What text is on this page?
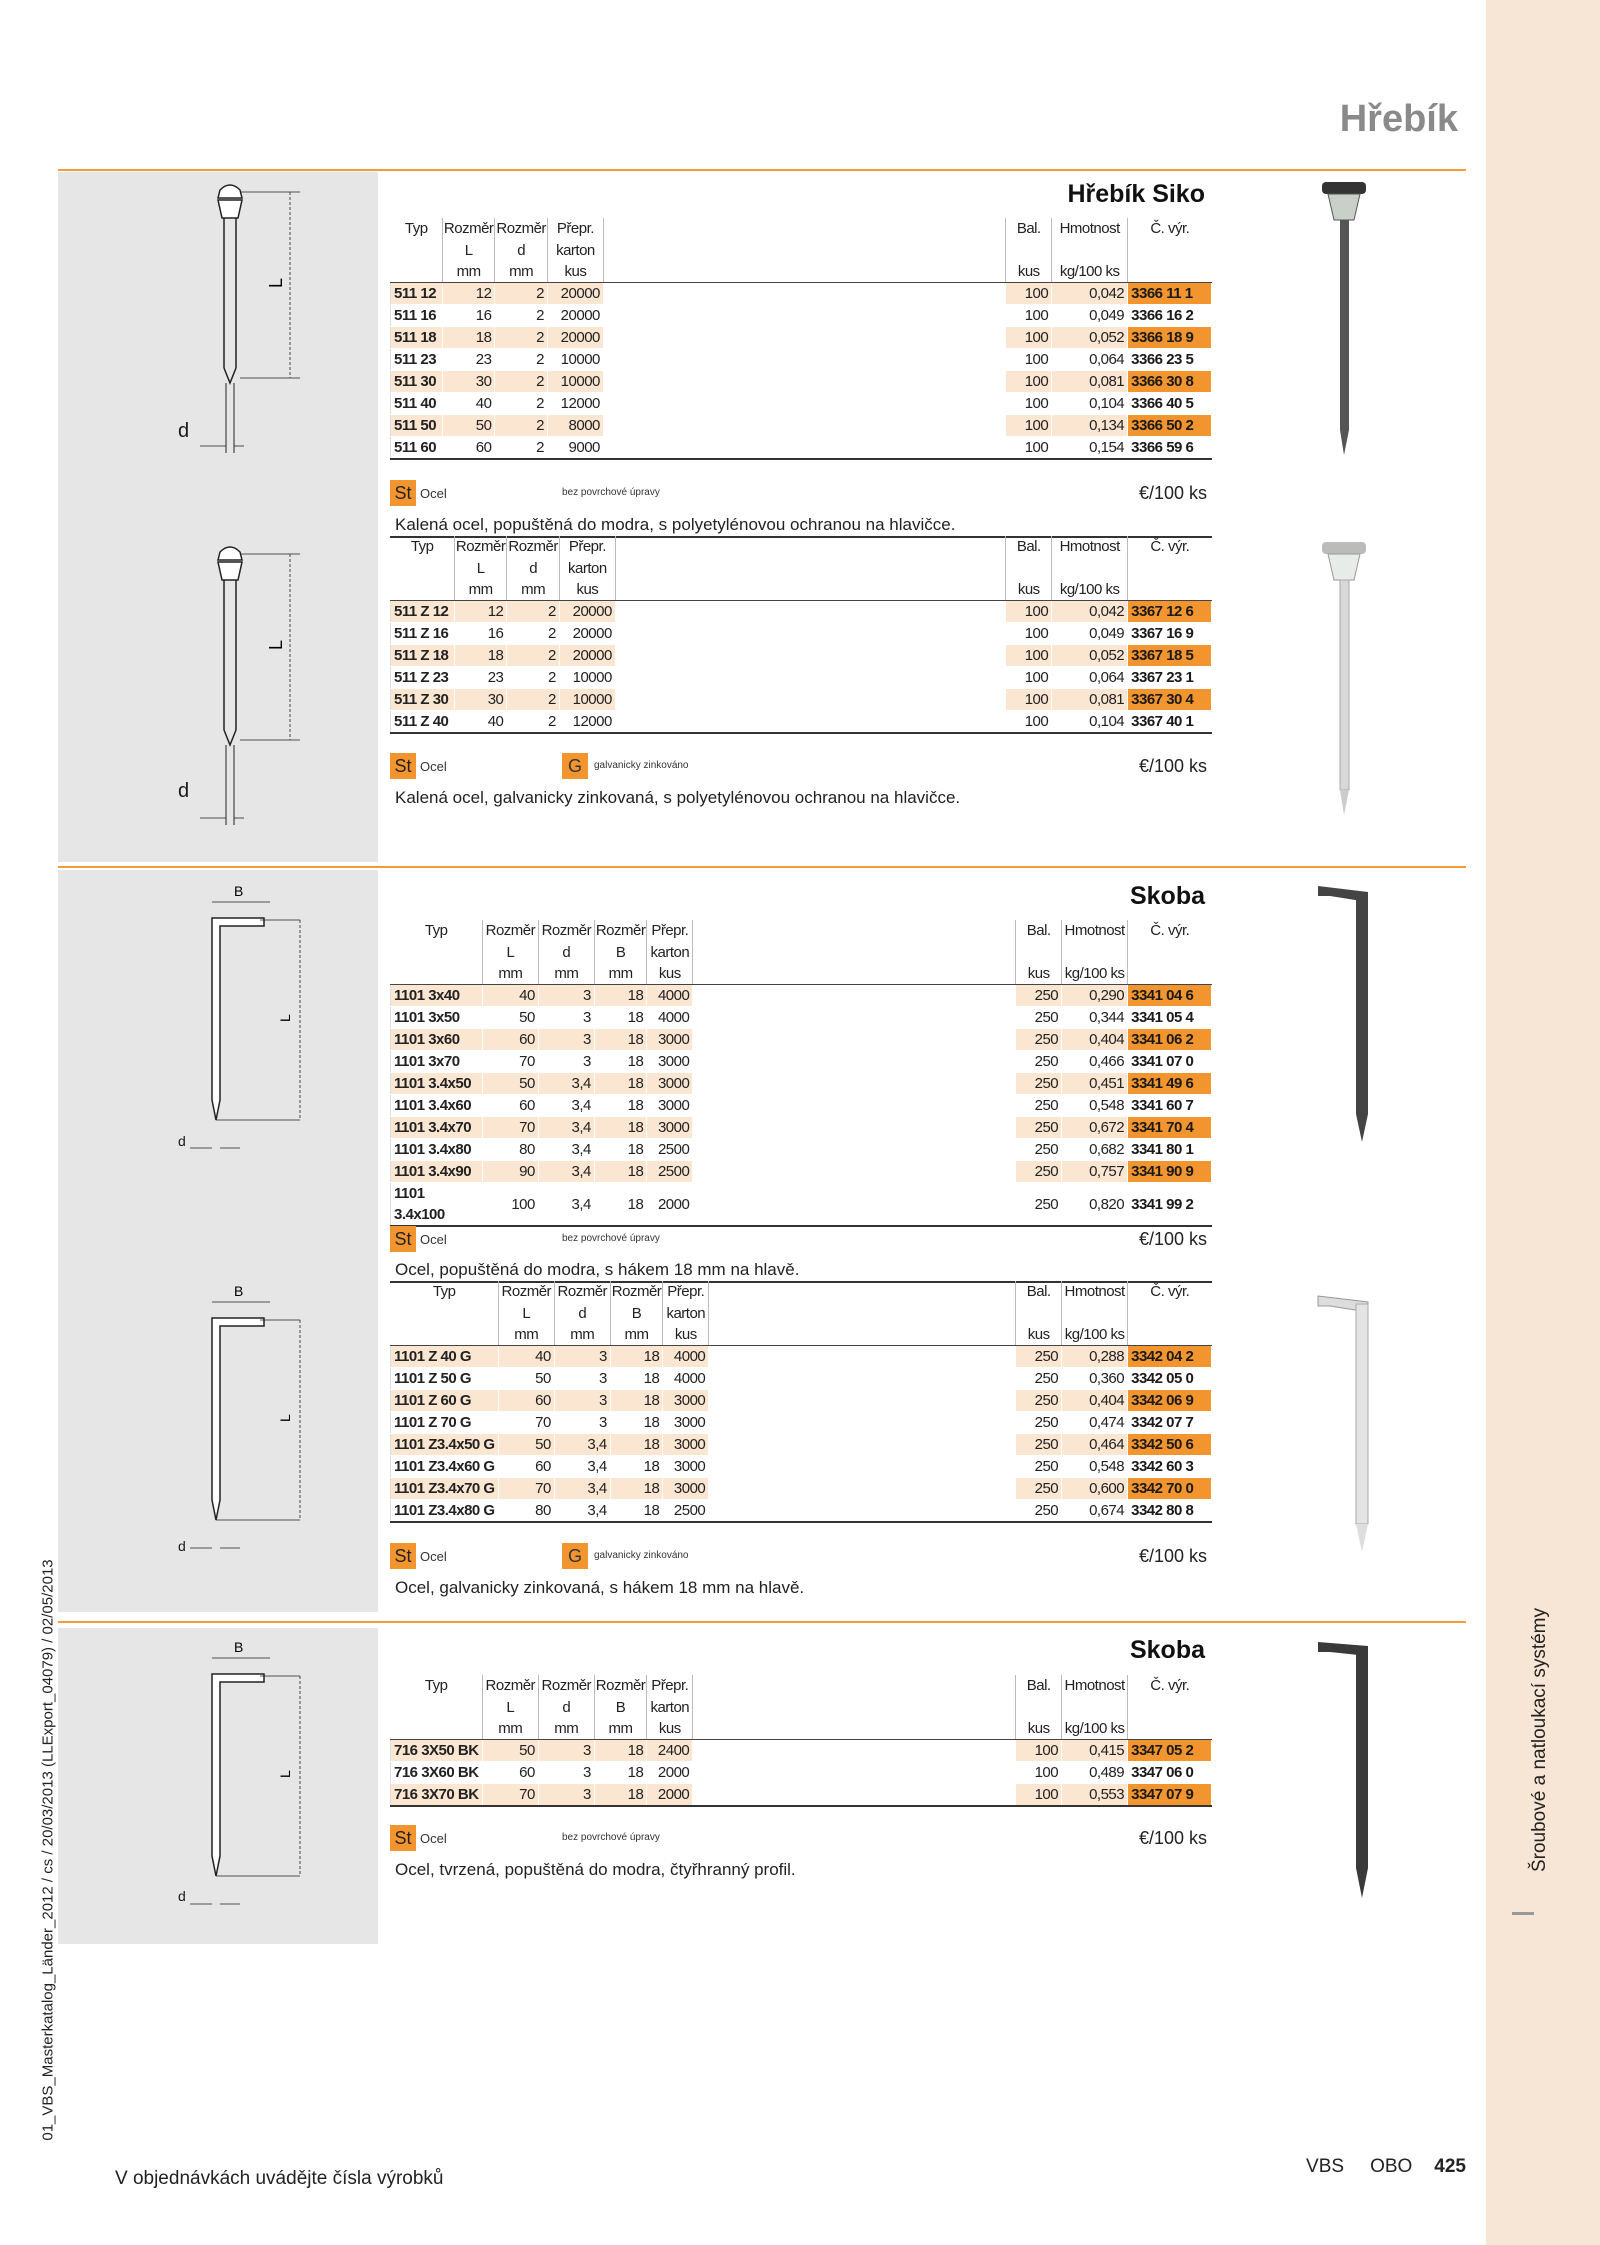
Šroubové a natloukací systémy
01_VBS_Masterkatalog_Länder_2012 / cs / 20/03/2013 (LLExport_04079) / 02/05/2013
Hřebík
Hřebík Siko
L
d
L
d
Typ	Rozměr	Rozměr	Přepr.		Bal.	Hmotnost	Č. výr.
	L	d	karton				
	mm	mm	kus		kus	kg/100 ks	
511 12	12	2	20000		100	0,042	3366 11 1
511 16	16	2	20000		100	0,049	3366 16 2
511 18	18	2	20000		100	0,052	3366 18 9
511 23	23	2	10000		100	0,064	3366 23 5
511 30	30	2	10000		100	0,081	3366 30 8
511 40	40	2	12000		100	0,104	3366 40 5
511 50	50	2	8000		100	0,134	3366 50 2
511 60	60	2	9000		100	0,154	3366 59 6
St Ocel	bez povrchové úpravy	€/100 ks
Kalená ocel, popuštěná do modra, s polyetylénovou ochranou na hlavičce.
Typ	Rozměr	Rozměr	Přepr.		Bal.	Hmotnost	Č. výr.
	L	d	karton				
	mm	mm	kus		kus	kg/100 ks	
511 Z 12	12	2	20000		100	0,042	3367 12 6
511 Z 16	16	2	20000		100	0,049	3367 16 9
511 Z 18	18	2	20000		100	0,052	3367 18 5
511 Z 23	23	2	10000		100	0,064	3367 23 1
511 Z 30	30	2	10000		100	0,081	3367 30 4
511 Z 40	40	2	12000		100	0,104	3367 40 1
St Ocel	G	galvanicky zinkováno	€/100 ks
Kalená ocel, galvanicky zinkovaná, s polyetylénovou ochranou na hlavičce.
Skoba
B
L
d
B
L
d
Typ	Rozměr	Rozměr	Rozměr	Přepr.		Bal.	Hmotnost	Č. výr.
	L	d	B	karton				
	mm	mm	mm	kus		kus	kg/100 ks	
1101 3x40	40	3	18	4000		250	0,290	3341 04 6
1101 3x50	50	3	18	4000		250	0,344	3341 05 4
1101 3x60	60	3	18	3000		250	0,404	3341 06 2
1101 3x70	70	3	18	3000		250	0,466	3341 07 0
1101 3.4x50	50	3,4	18	3000		250	0,451	3341 49 6
1101 3.4x60	60	3,4	18	3000		250	0,548	3341 60 7
1101 3.4x70	70	3,4	18	3000		250	0,672	3341 70 4
1101 3.4x80	80	3,4	18	2500		250	0,682	3341 80 1
1101 3.4x90	90	3,4	18	2500		250	0,757	3341 90 9
1101 3.4x100	100	3,4	18	2000		250	0,820	3341 99 2
St Ocel	bez povrchové úpravy	€/100 ks
Ocel, popuštěná do modra, s hákem 18 mm na hlavě.
Typ	Rozměr	Rozměr	Rozměr	Přepr.		Bal.	Hmotnost	Č. výr.
	L	d	B	karton				
	mm	mm	mm	kus		kus	kg/100 ks	
1101 Z 40 G	40	3	18	4000		250	0,288	3342 04 2
1101 Z 50 G	50	3	18	4000		250	0,360	3342 05 0
1101 Z 60 G	60	3	18	3000		250	0,404	3342 06 9
1101 Z 70 G	70	3	18	3000		250	0,474	3342 07 7
1101 Z3.4x50 G	50	3,4	18	3000		250	0,464	3342 50 6
1101 Z3.4x60 G	60	3,4	18	3000		250	0,548	3342 60 3
1101 Z3.4x70 G	70	3,4	18	3000		250	0,600	3342 70 0
1101 Z3.4x80 G	80	3,4	18	2500		250	0,674	3342 80 8
St Ocel	G	galvanicky zinkováno	€/100 ks
Ocel, galvanicky zinkovaná, s hákem 18 mm na hlavě.
Skoba
B
L
d
Typ	Rozměr	Rozměr	Rozměr	Přepr.		Bal.	Hmotnost	Č. výr.
	L	d	B	karton				
	mm	mm	mm	kus		kus	kg/100 ks	
716 3X50 BK	50	3	18	2400		100	0,415	3347 05 2
716 3X60 BK	60	3	18	2000		100	0,489	3347 06 0
716 3X70 BK	70	3	18	2000		100	0,553	3347 07 9
St Ocel	bez povrchové úpravy	€/100 ks
Ocel, tvrzená, popuštěná do modra, čtyřhranný profil.
V objednávkách uvádějte čísla výrobků
VBS OBO 425
